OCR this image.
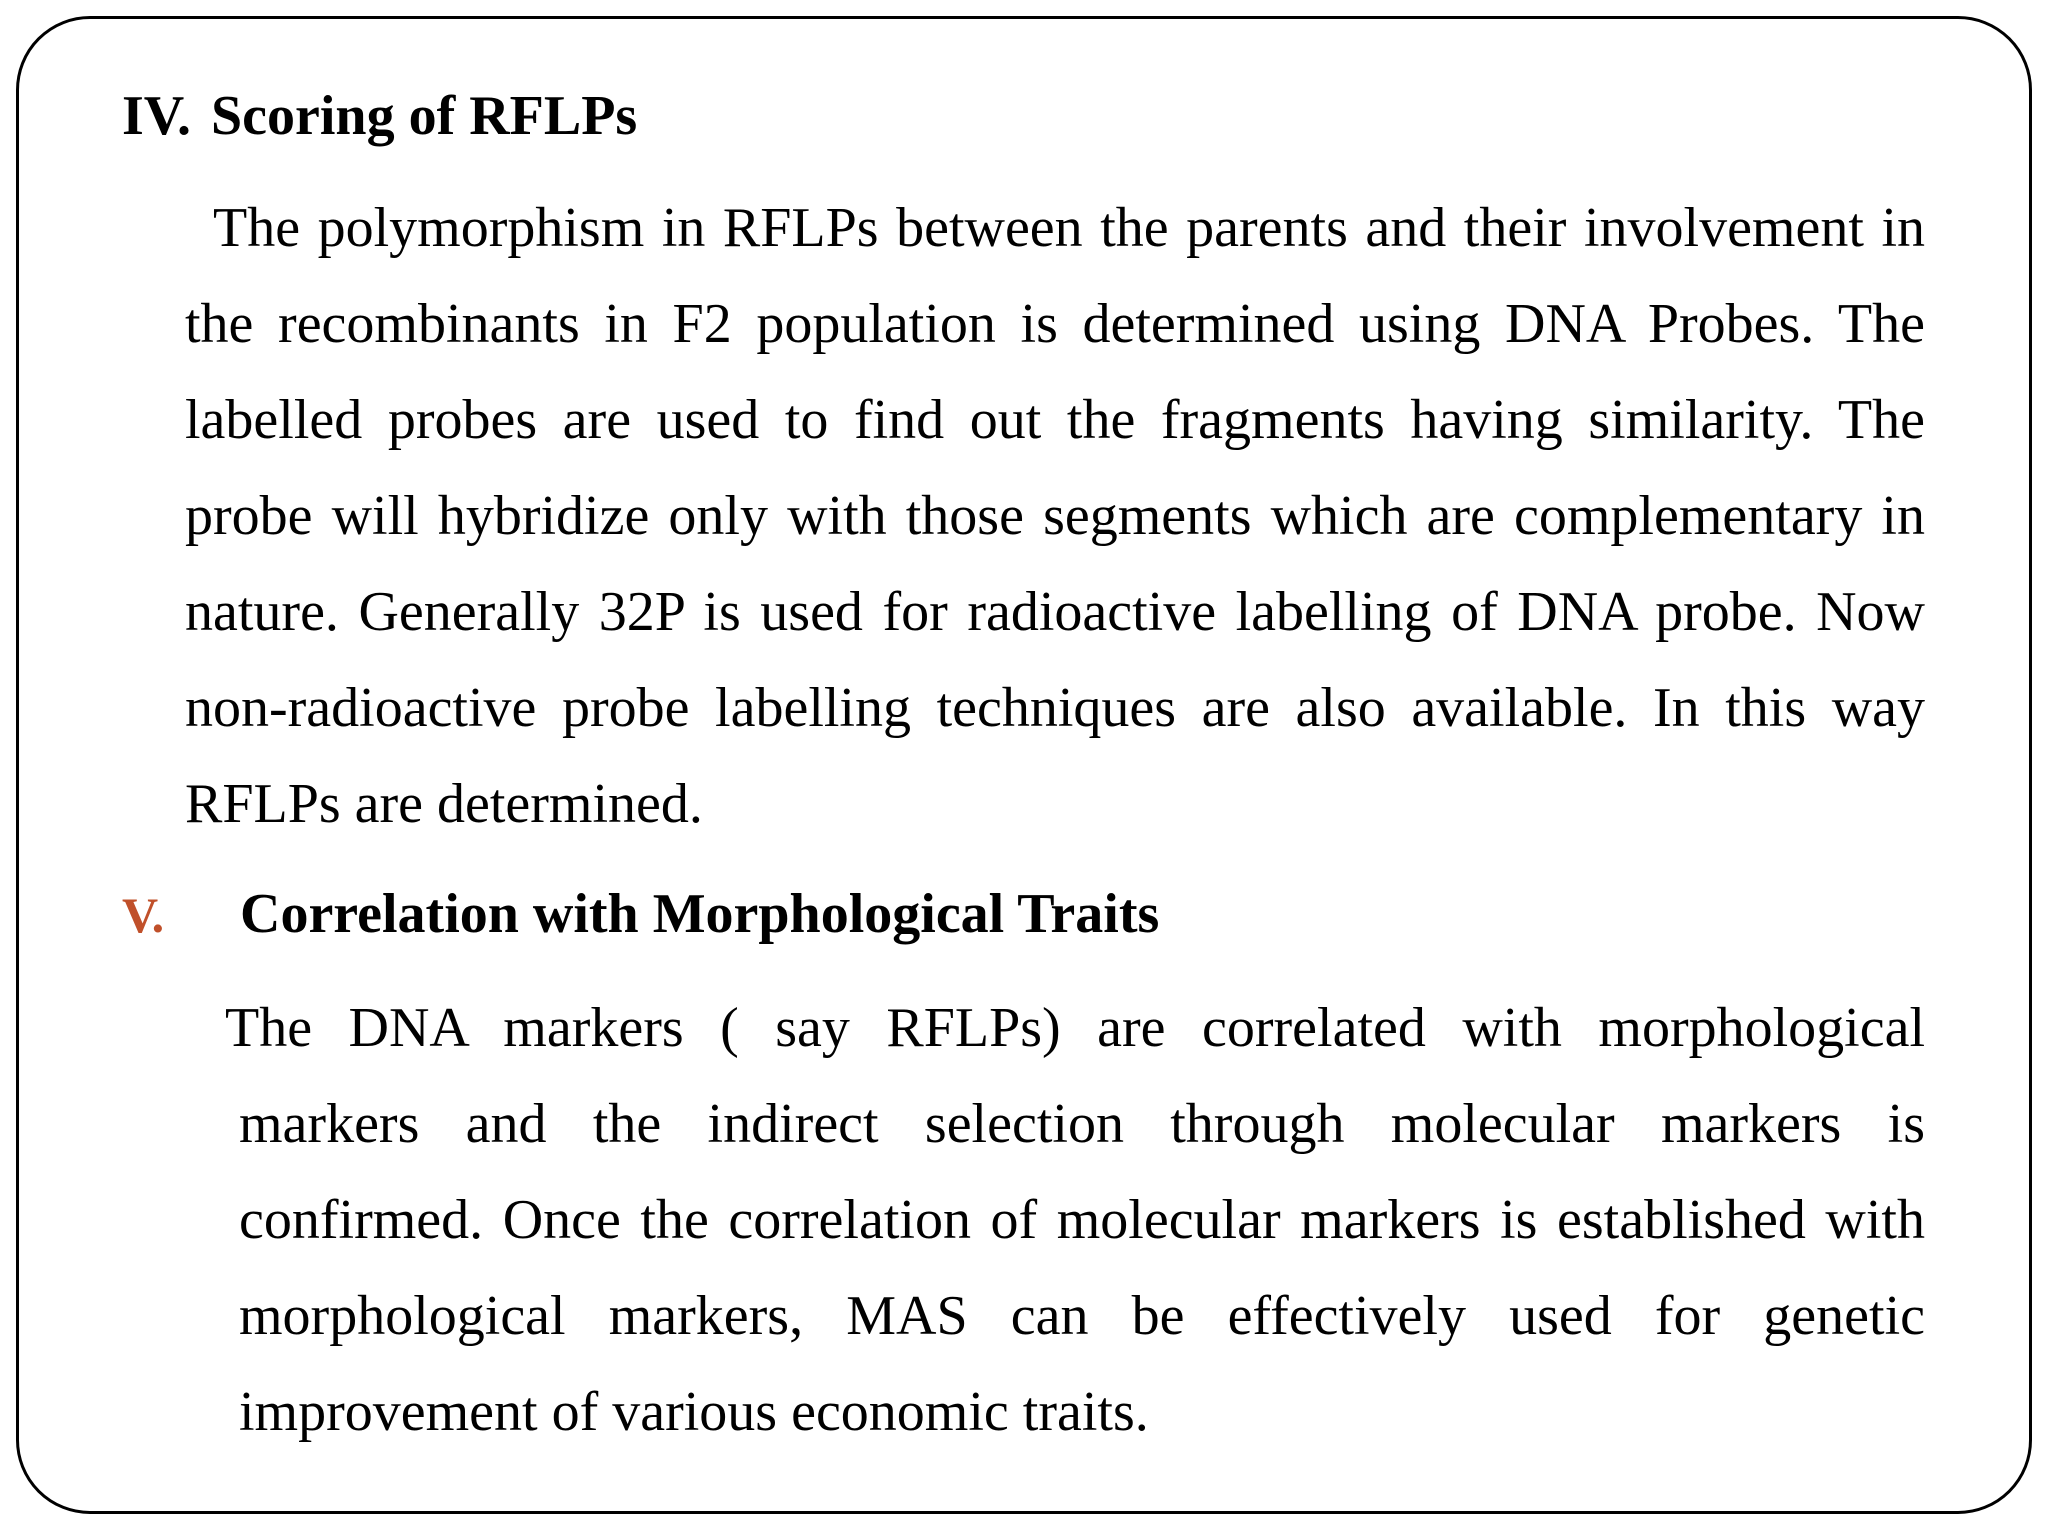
IV. Scoring of RFLPs
The polymorphism in RFLPs between the parents and their involvement in
the recombinants in F2 population is determined using DNA Probes. The
labelled probes are used to find out the fragments having similarity. The
probe will hybridize only with those segments which are complementary in
nature. Generally 32P is used for radioactive labelling of DNA probe. Now
non-radioactive probe labelling techniques are also available. In this way
RFLPs are determined.
V. Correlation with Morphological Traits
The DNA markers ( say RFLPs) are correlated with morphological
markers and the indirect selection through molecular markers is
confirmed. Once the correlation of molecular markers is established with
morphological markers, MAS can be effectively used for genetic
improvement of various economic traits.
